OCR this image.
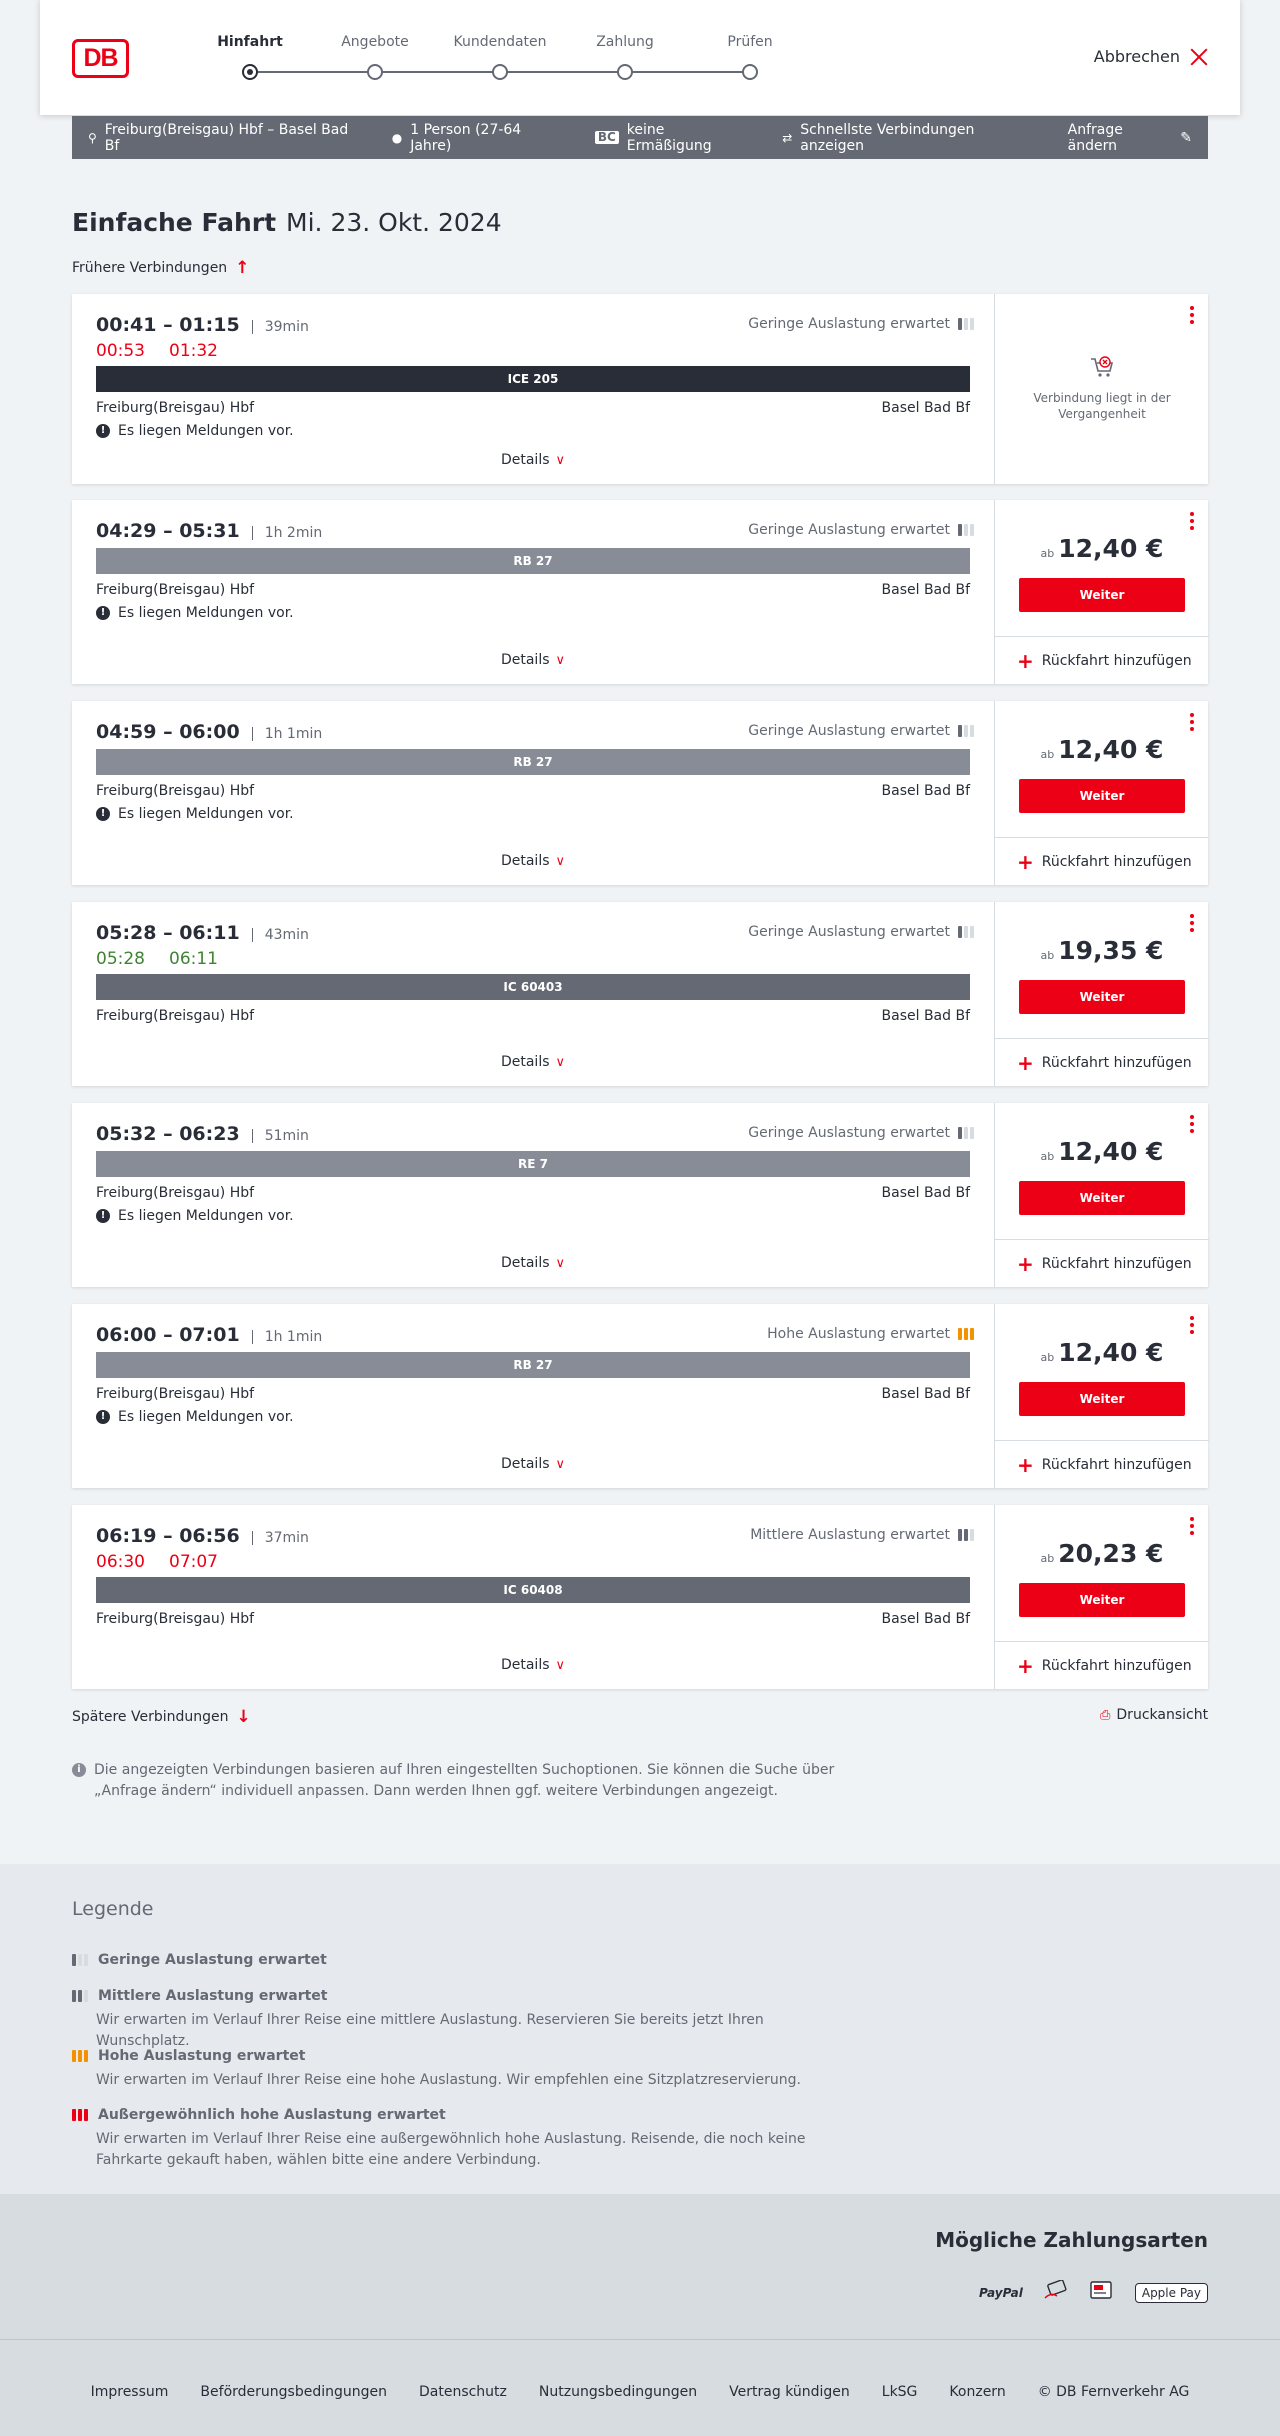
DB
Hinfahrt	Angebote	Kundendaten	Zahlung	Prüfen
Abbrechen
⚲ Freiburg(Breisgau) Hbf – Basel Bad Bf	● 1 Person (27-64 Jahre)
BC keine Ermäßigung	⇄ Schnellste Verbindungen anzeigen
Anfrage ändern	✎
Einfache Fahrt Mi. 23. Okt. 2024
Frühere Verbindungen ↑
00:41 – 01:15	39min
00:53 01:32
Geringe Auslastung erwartet
ICE 205
Freiburg(Breisgau) Hbf	Basel Bad Bf
! Es liegen Meldungen vor.
Details ∨
Verbindung liegt in der Vergangenheit
04:29 – 05:31	1h 2min	Geringe Auslastung erwartet
RB 27
Freiburg(Breisgau) Hbf	Basel Bad Bf
! Es liegen Meldungen vor.
Details ∨
ab 12,40 €
Weiter
+ Rückfahrt hinzufügen
04:59 – 06:00	1h 1min	Geringe Auslastung erwartet
RB 27
Freiburg(Breisgau) Hbf	Basel Bad Bf
! Es liegen Meldungen vor.
Details ∨
ab 12,40 €
Weiter
+ Rückfahrt hinzufügen
05:28 – 06:11	43min
05:28 06:11
Geringe Auslastung erwartet
IC 60403
Freiburg(Breisgau) Hbf	Basel Bad Bf
Details ∨
ab 19,35 €
Weiter
+ Rückfahrt hinzufügen
05:32 – 06:23	51min	Geringe Auslastung erwartet
RE 7
Freiburg(Breisgau) Hbf	Basel Bad Bf
! Es liegen Meldungen vor.
Details ∨
ab 12,40 €
Weiter
+ Rückfahrt hinzufügen
06:00 – 07:01	1h 1min	Hohe Auslastung erwartet
RB 27
Freiburg(Breisgau) Hbf	Basel Bad Bf
! Es liegen Meldungen vor.
Details ∨
ab 12,40 €
Weiter
+ Rückfahrt hinzufügen
06:19 – 06:56	37min
06:30 07:07
Mittlere Auslastung erwartet
IC 60408
Freiburg(Breisgau) Hbf	Basel Bad Bf
Details ∨
ab 20,23 €
Weiter
+ Rückfahrt hinzufügen
Spätere Verbindungen ↓	⎙ Druckansicht
i Die angezeigten Verbindungen basieren auf Ihren eingestellten Suchoptionen. Sie können die Suche über „Anfrage ändern“ individuell anpassen. Dann werden Ihnen ggf. weitere Verbindungen angezeigt.
Legende
Geringe Auslastung erwartet
Mittlere Auslastung erwartet
Wir erwarten im Verlauf Ihrer Reise eine mittlere Auslastung. Reservieren Sie bereits jetzt Ihren Wunschplatz.
Hohe Auslastung erwartet
Wir erwarten im Verlauf Ihrer Reise eine hohe Auslastung. Wir empfehlen eine Sitzplatzreservierung.
Außergewöhnlich hohe Auslastung erwartet
Wir erwarten im Verlauf Ihrer Reise eine außergewöhnlich hohe Auslastung. Reisende, die noch keine Fahrkarte gekauft haben, wählen bitte eine andere Verbindung.
Mögliche Zahlungsarten
PayPal	Apple Pay
Impressum Beförderungsbedingungen Datenschutz Nutzungsbedingungen Vertrag kündigen LkSG Konzern © DB Fernverkehr AG
